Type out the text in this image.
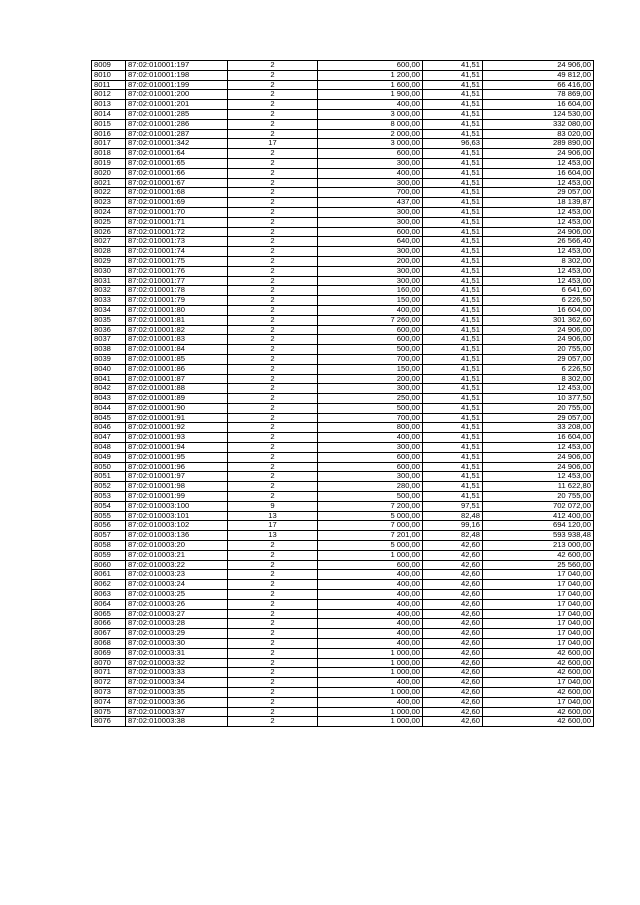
8009	87:02:010001:197	2	600,00	41,51	24 906,00
8010	87:02:010001:198	2	1 200,00	41,51	49 812,00
8011	87:02:010001:199	2	1 600,00	41,51	66 416,00
8012	87:02:010001:200	2	1 900,00	41,51	78 869,00
8013	87:02:010001:201	2	400,00	41,51	16 604,00
8014	87:02:010001:285	2	3 000,00	41,51	124 530,00
8015	87:02:010001:286	2	8 000,00	41,51	332 080,00
8016	87:02:010001:287	2	2 000,00	41,51	83 020,00
8017	87:02:010001:342	17	3 000,00	96,63	289 890,00
8018	87:02:010001:64	2	600,00	41,51	24 906,00
8019	87:02:010001:65	2	300,00	41,51	12 453,00
8020	87:02:010001:66	2	400,00	41,51	16 604,00
8021	87:02:010001:67	2	300,00	41,51	12 453,00
8022	87:02:010001:68	2	700,00	41,51	29 057,00
8023	87:02:010001:69	2	437,00	41,51	18 139,87
8024	87:02:010001:70	2	300,00	41,51	12 453,00
8025	87:02:010001:71	2	300,00	41,51	12 453,00
8026	87:02:010001:72	2	600,00	41,51	24 906,00
8027	87:02:010001:73	2	640,00	41,51	26 566,40
8028	87:02:010001:74	2	300,00	41,51	12 453,00
8029	87:02:010001:75	2	200,00	41,51	8 302,00
8030	87:02:010001:76	2	300,00	41,51	12 453,00
8031	87:02:010001:77	2	300,00	41,51	12 453,00
8032	87:02:010001:78	2	160,00	41,51	6 641,60
8033	87:02:010001:79	2	150,00	41,51	6 226,50
8034	87:02:010001:80	2	400,00	41,51	16 604,00
8035	87:02:010001:81	2	7 260,00	41,51	301 362,60
8036	87:02:010001:82	2	600,00	41,51	24 906,00
8037	87:02:010001:83	2	600,00	41,51	24 906,00
8038	87:02:010001:84	2	500,00	41,51	20 755,00
8039	87:02:010001:85	2	700,00	41,51	29 057,00
8040	87:02:010001:86	2	150,00	41,51	6 226,50
8041	87:02:010001:87	2	200,00	41,51	8 302,00
8042	87:02:010001:88	2	300,00	41,51	12 453,00
8043	87:02:010001:89	2	250,00	41,51	10 377,50
8044	87:02:010001:90	2	500,00	41,51	20 755,00
8045	87:02:010001:91	2	700,00	41,51	29 057,00
8046	87:02:010001:92	2	800,00	41,51	33 208,00
8047	87:02:010001:93	2	400,00	41,51	16 604,00
8048	87:02:010001:94	2	300,00	41,51	12 453,00
8049	87:02:010001:95	2	600,00	41,51	24 906,00
8050	87:02:010001:96	2	600,00	41,51	24 906,00
8051	87:02:010001:97	2	300,00	41,51	12 453,00
8052	87:02:010001:98	2	280,00	41,51	11 622,80
8053	87:02:010001:99	2	500,00	41,51	20 755,00
8054	87:02:010003:100	9	7 200,00	97,51	702 072,00
8055	87:02:010003:101	13	5 000,00	82,48	412 400,00
8056	87:02:010003:102	17	7 000,00	99,16	694 120,00
8057	87:02:010003:136	13	7 201,00	82,48	593 938,48
8058	87:02:010003:20	2	5 000,00	42,60	213 000,00
8059	87:02:010003:21	2	1 000,00	42,60	42 600,00
8060	87:02:010003:22	2	600,00	42,60	25 560,00
8061	87:02:010003:23	2	400,00	42,60	17 040,00
8062	87:02:010003:24	2	400,00	42,60	17 040,00
8063	87:02:010003:25	2	400,00	42,60	17 040,00
8064	87:02:010003:26	2	400,00	42,60	17 040,00
8065	87:02:010003:27	2	400,00	42,60	17 040,00
8066	87:02:010003:28	2	400,00	42,60	17 040,00
8067	87:02:010003:29	2	400,00	42,60	17 040,00
8068	87:02:010003:30	2	400,00	42,60	17 040,00
8069	87:02:010003:31	2	1 000,00	42,60	42 600,00
8070	87:02:010003:32	2	1 000,00	42,60	42 600,00
8071	87:02:010003:33	2	1 000,00	42,60	42 600,00
8072	87:02:010003:34	2	400,00	42,60	17 040,00
8073	87:02:010003:35	2	1 000,00	42,60	42 600,00
8074	87:02:010003:36	2	400,00	42,60	17 040,00
8075	87:02:010003:37	2	1 000,00	42,60	42 600,00
8076	87:02:010003:38	2	1 000,00	42,60	42 600,00
